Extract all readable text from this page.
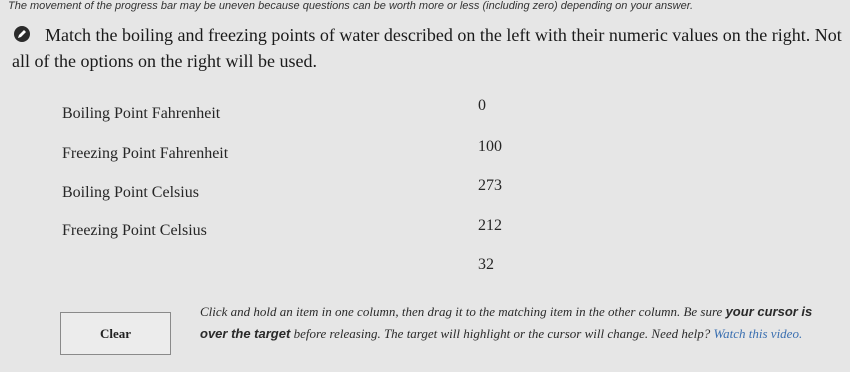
The movement of the progress bar may be uneven because questions can be worth more or less (including zero) depending on your answer.
Match the boiling and freezing points of water described on the left with their numeric values on the right. Not all of the options on the right will be used.
Boiling Point Fahrenheit
Freezing Point Fahrenheit
Boiling Point Celsius
Freezing Point Celsius
0
100
273
212
32
Clear
Click and hold an item in one column, then drag it to the matching item in the other column. Be sure your cursor is over the target before releasing. The target will highlight or the cursor will change. Need help? Watch this video.
